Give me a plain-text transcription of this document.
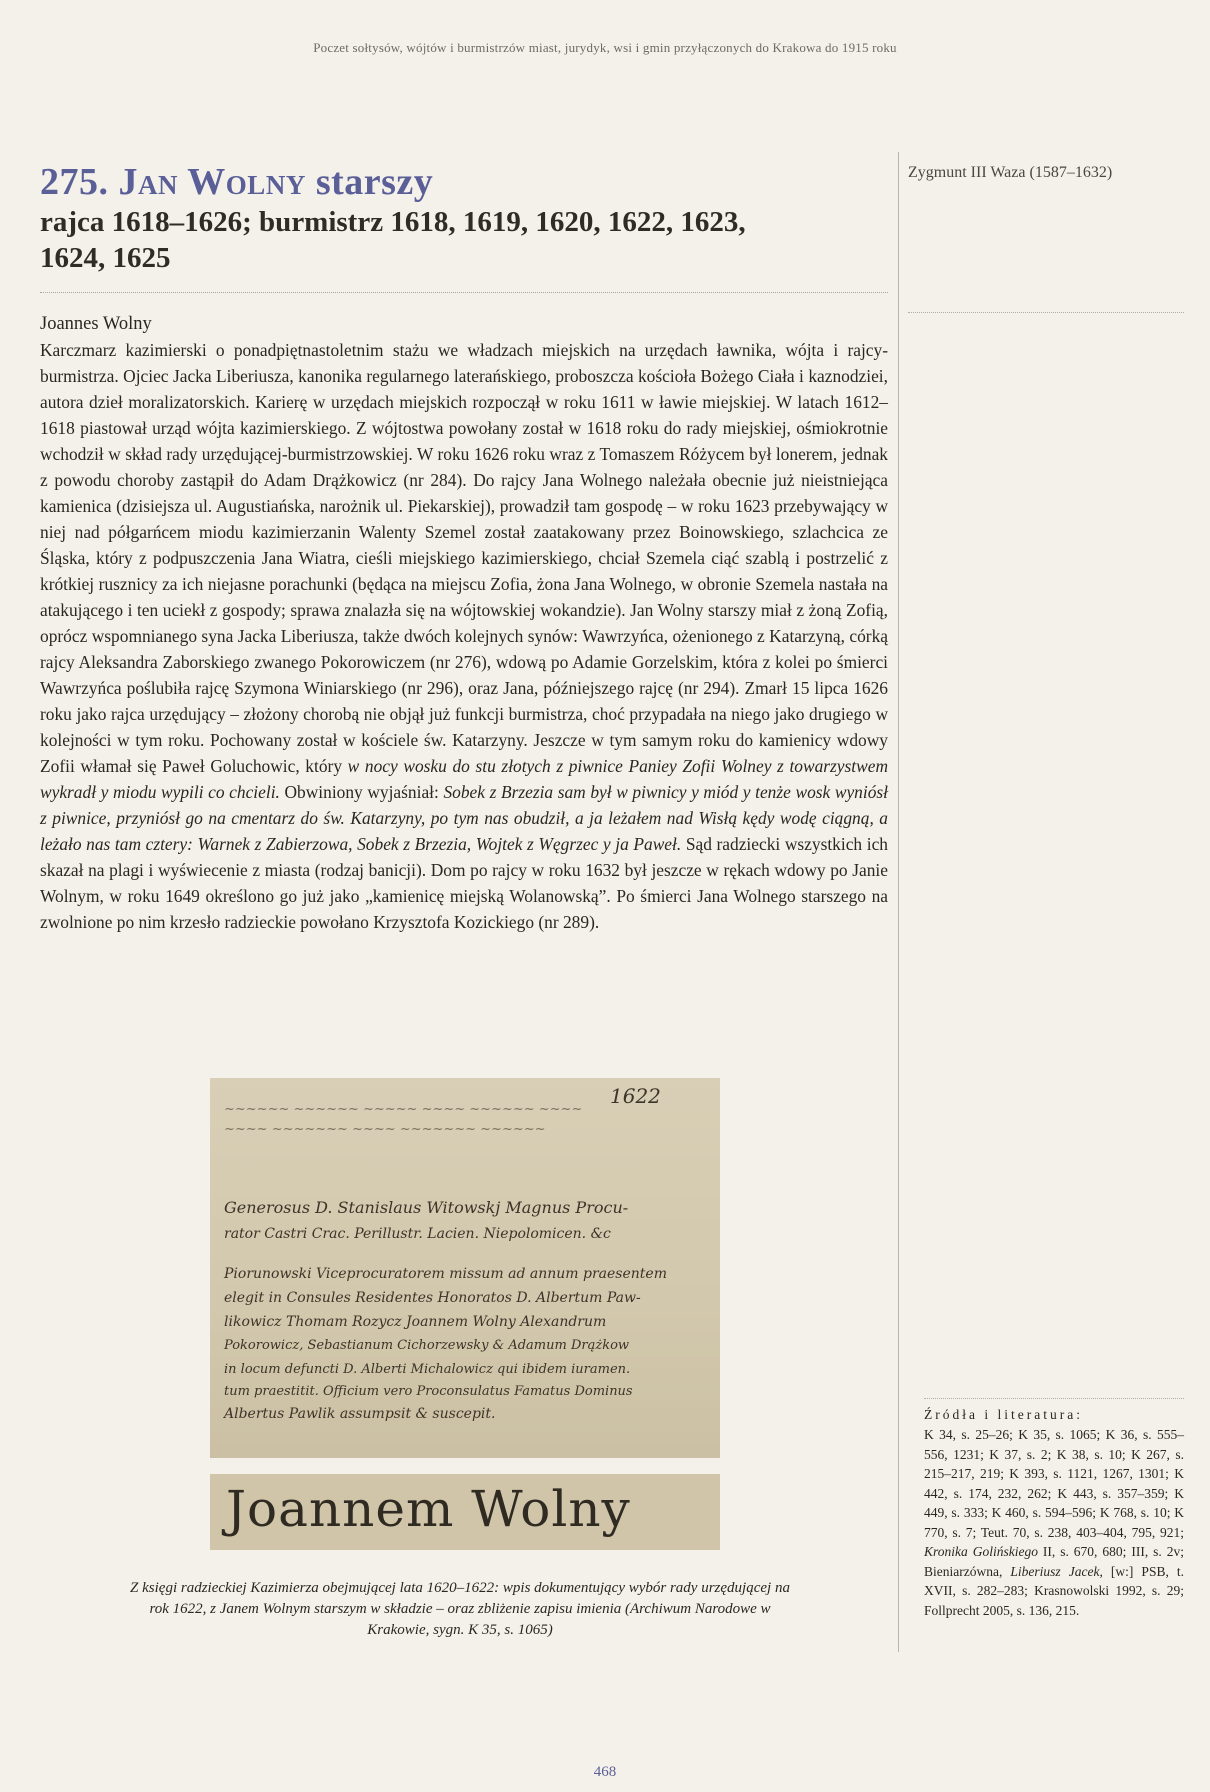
Poczet sołtysów, wójtów i burmistrzów miast, jurydyk, wsi i gmin przyłączonych do Krakowa do 1915 roku
275. Jan Wolny starszy
rajca 1618–1626; burmistrz 1618, 1619, 1620, 1622, 1623,
1624, 1625
Joannes Wolny

Karczmarz kazimierski o ponadpiętnastoletnim stażu we władzach miejskich na urzędach ławnika, wójta i rajcy-burmistrza. Ojciec Jacka Liberiusza, kanonika regularnego laterańskiego, proboszcza kościoła Bożego Ciała i kaznodziei, autora dzieł moralizatorskich. Karierę w urzędach miejskich rozpoczął w roku 1611 w ławie miejskiej. W latach 1612–1618 piastował urząd wójta kazimierskiego. Z wójtostwa powołany został w 1618 roku do rady miejskiej, ośmiokrotnie wchodził w skład rady urzędującej-burmistrzowskiej. W roku 1626 roku wraz z Tomaszem Różycem był lonerem, jednak z powodu choroby zastąpił do Adam Drążkowicz (nr 284). Do rajcy Jana Wolnego należała obecnie już nieistniejąca kamienica (dzisiejsza ul. Augustiańska, narożnik ul. Piekarskiej), prowadził tam gospodę – w roku 1623 przebywający w niej nad półgarńcem miodu kazimierzanin Walenty Szemel został zaatakowany przez Boinowskiego, szlachcica ze Śląska, który z podpuszczenia Jana Wiatra, cieśli miejskiego kazimierskiego, chciał Szemela ciąć szablą i postrzelić z krótkiej rusznicy za ich niejasne porachunki (będąca na miejscu Zofia, żona Jana Wolnego, w obronie Szemela nastała na atakującego i ten uciekł z gospody; sprawa znalazła się na wójtowskiej wokandzie). Jan Wolny starszy miał z żoną Zofią, oprócz wspomnianego syna Jacka Liberiusza, także dwóch kolejnych synów: Wawrzyńca, ożenionego z Katarzyną, córką rajcy Aleksandra Zaborskiego zwanego Pokorowiczem (nr 276), wdową po Adamie Gorzelskim, która z kolei po śmierci Wawrzyńca poślubiła rajcę Szymona Winiarskiego (nr 296), oraz Jana, późniejszego rajcę (nr 294). Zmarł 15 lipca 1626 roku jako rajca urzędujący – złożony chorobą nie objął już funkcji burmistrza, choć przypadała na niego jako drugiego w kolejności w tym roku. Pochowany został w kościele św. Katarzyny. Jeszcze w tym samym roku do kamienicy wdowy Zofii włamał się Paweł Goluchowic, który w nocy wosku do stu złotych z piwnice Paniey Zofii Wolney z towarzystwem wykradł y miodu wypili co chcieli. Obwiniony wyjaśniał: Sobek z Brzezia sam był w piwnicy y miód y tenże wosk wyniósł z piwnice, przyniósł go na cmentarz do św. Katarzyny, po tym nas obudził, a ja leżałem nad Wisłą kędy wodę ciągną, a leżało nas tam cztery: Warnek z Zabierzowa, Sobek z Brzezia, Wojtek z Węgrzec y ja Paweł. Sąd radziecki wszystkich ich skazał na plagi i wyświecenie z miasta (rodzaj banicji). Dom po rajcy w roku 1632 był jeszcze w rękach wdowy po Janie Wolnym, w roku 1649 określono go już jako „kamienicę miejską Wolanowską”. Po śmierci Jana Wolnego starszego na zwolnione po nim krzesło radzieckie powołano Krzysztofa Kozickiego (nr 289).

1622
~~~~~~ ~~~~~~ ~~~~~ ~~~~ ~~~~~~ ~~~~
~~~~ ~~~~~~~ ~~~~ ~~~~~~~ ~~~~~~
Generosus D. Stanislaus Witowskj Magnus Procu-
rator Castri Crac. Perillustr. Lacien. Niepolomicen. &c
Piorunowski Viceprocuratorem missum ad annum praesentem
elegit in Consules Residentes Honoratos D. Albertum Paw-
likowicz Thomam Rozycz Joannem Wolny Alexandrum
Pokorowicz, Sebastianum Cichorzewsky & Adamum Drążkow
in locum defuncti D. Alberti Michalowicz qui ibidem iuramen.
tum praestitit. Officium vero Proconsulatus Famatus Dominus
Albertus Pawlik assumpsit & suscepit.
Joannem Wolny
Z księgi radzieckiej Kazimierza obejmującej lata 1620–1622: wpis dokumentujący wybór rady urzędującej na rok 1622, z Janem Wolnym starszym w składzie – oraz zbliżenie zapisu imienia (Archiwum Narodowe w Krakowie, sygn. K 35, s. 1065)
Zygmunt III Waza (1587–1632)
Źródła i literatura:

K 34, s. 25–26; K 35, s. 1065; K 36, s. 555–556, 1231; K 37, s. 2; K 38, s. 10; K 267, s. 215–217, 219; K 393, s. 1121, 1267, 1301; K 442, s. 174, 232, 262; K 443, s. 357–359; K 449, s. 333; K 460, s. 594–596; K 768, s. 10; K 770, s. 7; Teut. 70, s. 238, 403–404, 795, 921; Kronika Golińskiego II, s. 670, 680; III, s. 2v; Bieniarzówna, Liberiusz Jacek, [w:] PSB, t. XVII, s. 282–283; Krasnowolski 1992, s. 29; Follprecht 2005, s. 136, 215.

468
